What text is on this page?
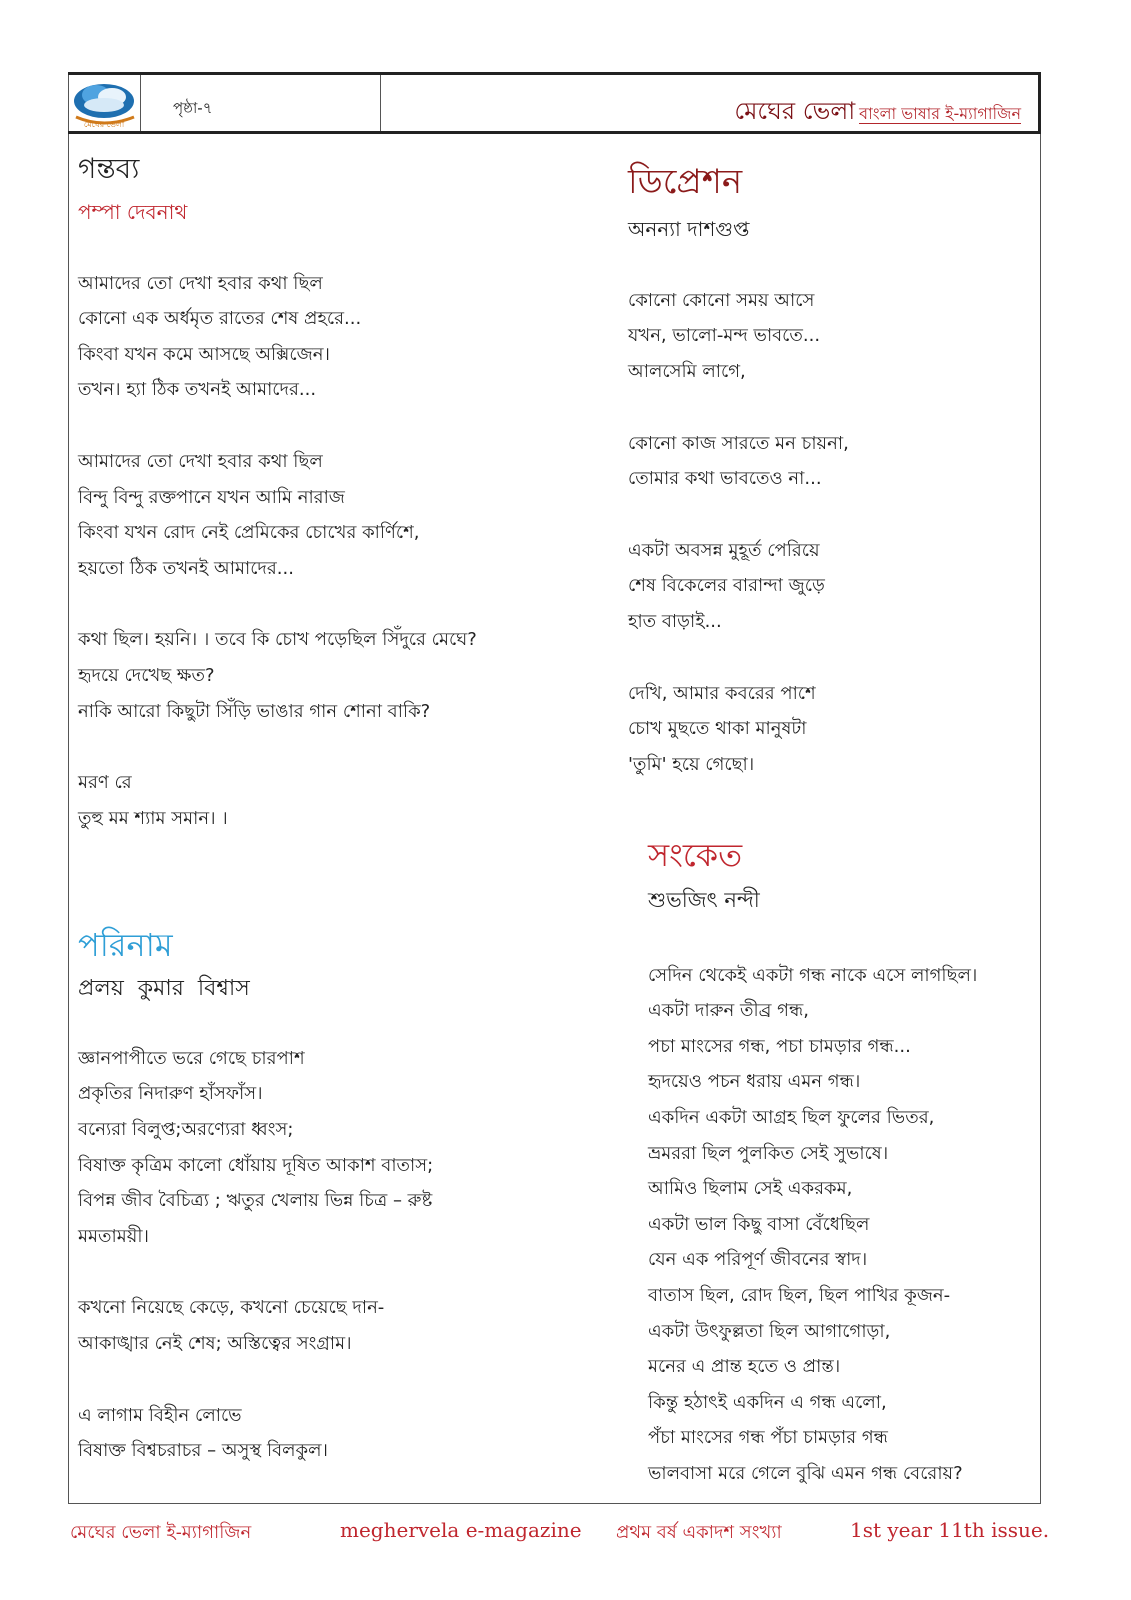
মেঘের ভেলা
পৃষ্ঠা-৭	মেঘের ভেলা বাংলা ভাষার ই-ম্যাগাজিন
গন্তব্য
পম্পা দেবনাথ
আমাদের তো দেখা হবার কথা ছিল
কোনো এক অর্ধমৃত রাতের শেষ প্রহরে...
কিংবা যখন কমে আসছে অক্সিজেন।
তখন। হ্যা ঠিক তখনই আমাদের...
আমাদের তো দেখা হবার কথা ছিল
বিন্দু বিন্দু রক্তপানে যখন আমি নারাজ
কিংবা যখন রোদ নেই প্রেমিকের চোখের কার্ণিশে,
হয়তো ঠিক তখনই আমাদের...
কথা ছিল। হয়নি। । তবে কি চোখ পড়েছিল সিঁদুরে মেঘে?
হৃদয়ে দেখেছ ক্ষত?
নাকি আরো কিছুটা সিঁড়ি ভাঙার গান শোনা বাকি?
মরণ রে
তুহু মম শ্যাম সমান। ।
পরিনাম
প্রলয়  কুমার  বিশ্বাস
জ্ঞানপাপীতে ভরে গেছে চারপাশ
প্রকৃতির নিদারুণ হাঁসফাঁস।
বন্যেরা বিলুপ্ত;অরণ্যেরা ধ্বংস;
বিষাক্ত কৃত্রিম কালো ধোঁয়ায় দূষিত আকাশ বাতাস;
বিপন্ন জীব বৈচিত্র্য ; ঋতুর খেলায় ভিন্ন চিত্র – রুষ্ট
মমতাময়ী।
কখনো নিয়েছে কেড়ে, কখনো চেয়েছে দান-
আকাঙ্খার নেই শেষ; অস্তিত্বের সংগ্রাম।
এ লাগাম বিহীন লোভে
বিষাক্ত বিশ্বচরাচর – অসুস্থ বিলকুল।
ডিপ্রেশন
অনন্যা দাশগুপ্ত
কোনো কোনো সময় আসে
যখন, ভালো-মন্দ ভাবতে...
আলসেমি লাগে,
কোনো কাজ সারতে মন চায়না,
তোমার কথা ভাবতেও না...
একটা অবসন্ন মুহূর্ত পেরিয়ে
শেষ বিকেলের বারান্দা জুড়ে
হাত বাড়াই...
দেখি, আমার কবরের পাশে
চোখ মুছতে থাকা মানুষটা
'তুমি' হয়ে গেছো।
সংকেত
শুভজিৎ নন্দী
সেদিন থেকেই একটা গন্ধ নাকে এসে লাগছিল।
একটা দারুন তীব্র গন্ধ,
পচা মাংসের গন্ধ, পচা চামড়ার গন্ধ...
হৃদয়েও পচন ধরায় এমন গন্ধ।
একদিন একটা আগ্রহ ছিল ফুলের ভিতর,
ভ্রমররা ছিল পুলকিত সেই সুভাষে।
আমিও ছিলাম সেই একরকম,
একটা ভাল কিছু বাসা বেঁধেছিল
যেন এক পরিপূর্ণ জীবনের স্বাদ।
বাতাস ছিল, রোদ ছিল, ছিল পাখির কূজন-
একটা উৎফুল্লতা ছিল আগাগোড়া,
মনের এ প্রান্ত হতে ও প্রান্ত।
কিন্তু হঠাৎই একদিন এ গন্ধ এলো,
পঁচা মাংসের গন্ধ পঁচা চামড়ার গন্ধ
ভালবাসা মরে গেলে বুঝি এমন গন্ধ বেরোয়?
মেঘের ভেলা ই-ম্যাগাজিন	meghervela e-magazine প্রথম বর্ষ একাদশ সংখ্যা	1st year 11th issue.
